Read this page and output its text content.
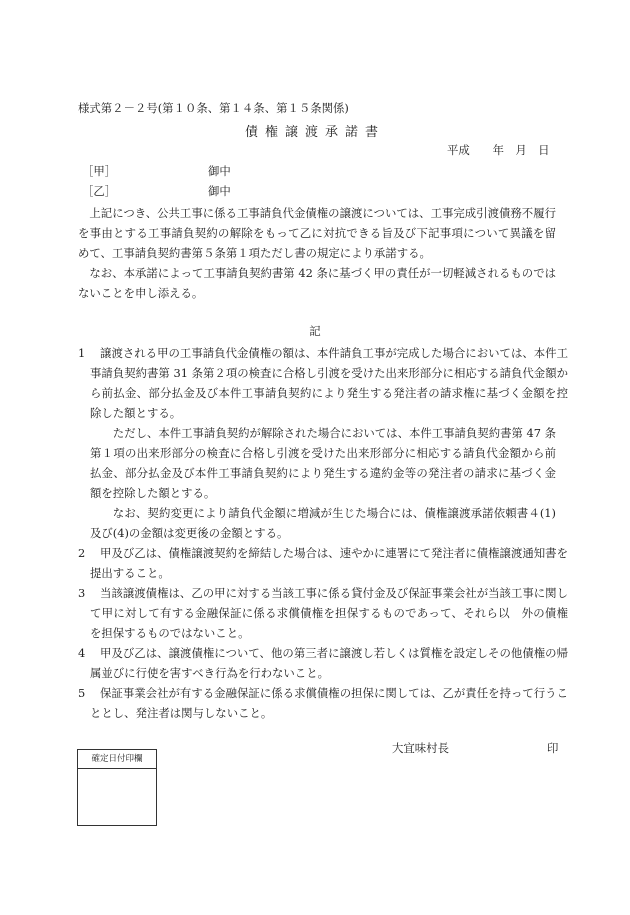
様式第２－２号(第１０条、第１４条、第１５条関係)
債権譲渡承諾書
平成　　年　月　日
［甲］	御中
［乙］	御中
上記につき、公共工事に係る工事請負代金債権の譲渡については、工事完成引渡債務不履行を事由とする工事請負契約の解除をもって乙に対抗できる旨及び下記事項について異議を留めて、工事請負契約書第５条第１項ただし書の規定により承諾する。
なお、本承諾によって工事請負契約書第 42 条に基づく甲の責任が一切軽減されるものではないことを申し添える。
記
1 譲渡される甲の工事請負代金債権の額は、本件請負工事が完成した場合においては、本件工事請負契約書第 31 条第２項の検査に合格し引渡を受けた出来形部分に相応する請負代金額から前払金、部分払金及び本件工事請負契約により発生する発注者の請求権に基づく金額を控除した額とする。
ただし、本件工事請負契約が解除された場合においては、本件工事請負契約書第 47 条第１項の出来形部分の検査に合格し引渡を受けた出来形部分に相応する請負代金額から前払金、部分払金及び本件工事請負契約により発生する違約金等の発注者の請求に基づく金額を控除した額とする。
なお、契約変更により請負代金額に増減が生じた場合には、債権譲渡承諾依頼書４(1)及び(4)の金額は変更後の金額とする。
2 甲及び乙は、債権譲渡契約を締結した場合は、速やかに連署にて発注者に債権譲渡通知書を提出すること。
3 当該譲渡債権は、乙の甲に対する当該工事に係る貸付金及び保証事業会社が当該工事に関して甲に対して有する金融保証に係る求償債権を担保するものであって、それら以　外の債権を担保するものではないこと。
4 甲及び乙は、譲渡債権について、他の第三者に譲渡し若しくは質権を設定しその他債権の帰属並びに行使を害すべき行為を行わないこと。
5 保証事業会社が有する金融保証に係る求償債権の担保に関しては、乙が責任を持って行うこととし、発注者は関与しないこと。
大宜味村長	印
確定日付印欄
